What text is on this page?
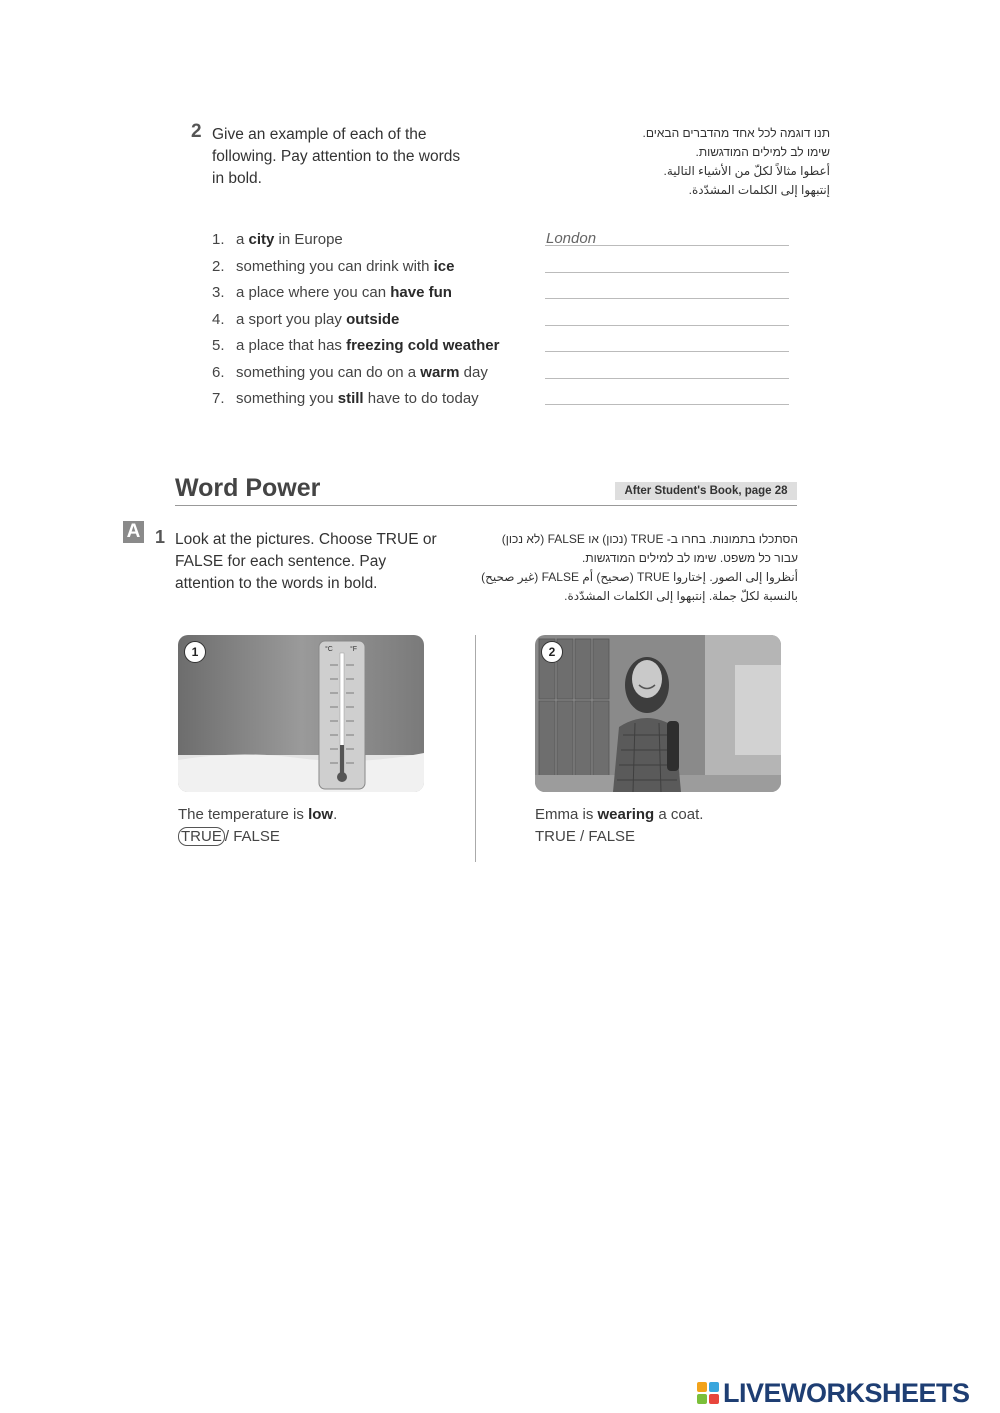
2 Give an example of each of the following. Pay attention to the words in bold.
תנו דוגמה לכל אחד מהדברים הבאים.
שימו לב למילים המודגשות.
أعطوا مثالاً لكلّ من الأشياء التالية.
إنتبهوا إلى الكلمات المشدّدة.
1. a city in Europe
2. something you can drink with ice
3. a place where you can have fun
4. a sport you play outside
5. a place that has freezing cold weather
6. something you can do on a warm day
7. something you still have to do today
London
Word Power	After Student's Book, page 28
A 1 Look at the pictures. Choose TRUE or FALSE for each sentence. Pay attention to the words in bold.
הסתכלו בתמונות. בחרו ב- TRUE (נכון) או FALSE (לא נכון)
עבור כל משפט. שימו לב למילים המודגשות.
أنظروا إلى الصور. إختاروا TRUE (صحيح) أم FALSE (غير صحيح)
بالنسبة لكلّ جملة. إنتبهوا إلى الكلمات المشدّدة.
°C °F
1	2
The temperature is low.
TRUE / FALSE
Emma is wearing a coat.
TRUE / FALSE
LIVEWORKSHEETS
